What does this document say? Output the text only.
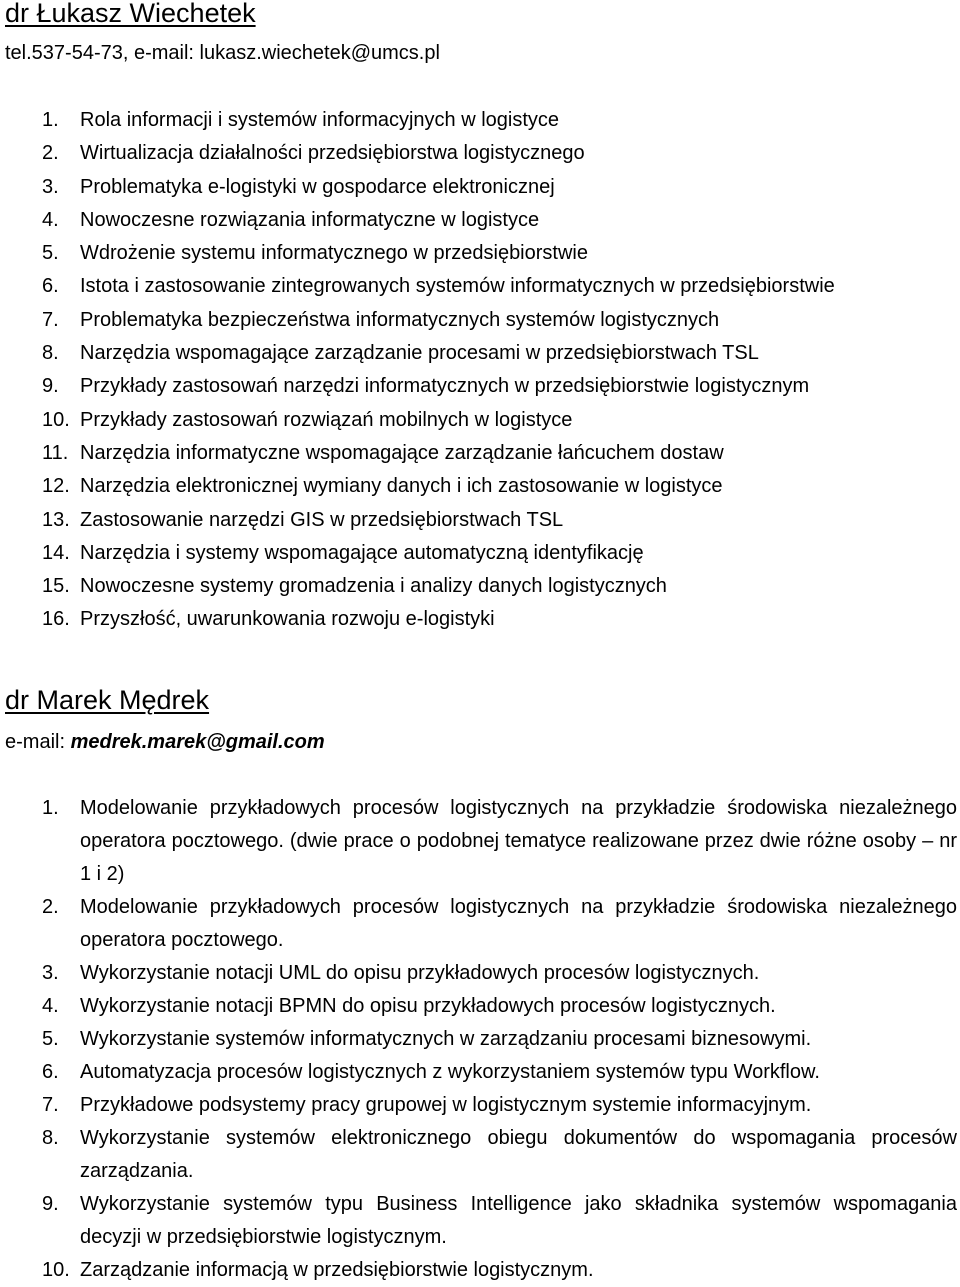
dr Łukasz Wiechetek
tel.537-54-73, e-mail: lukasz.wiechetek@umcs.pl
1. Rola informacji i systemów informacyjnych w logistyce
2. Wirtualizacja działalności przedsiębiorstwa logistycznego
3. Problematyka e-logistyki w gospodarce elektronicznej
4. Nowoczesne rozwiązania informatyczne w logistyce
5. Wdrożenie systemu informatycznego w przedsiębiorstwie
6. Istota i zastosowanie zintegrowanych systemów informatycznych w przedsiębiorstwie
7. Problematyka bezpieczeństwa informatycznych systemów logistycznych
8. Narzędzia wspomagające zarządzanie procesami w przedsiębiorstwach TSL
9. Przykłady zastosowań narzędzi informatycznych w przedsiębiorstwie logistycznym
10. Przykłady zastosowań rozwiązań mobilnych w logistyce
11. Narzędzia informatyczne wspomagające zarządzanie łańcuchem dostaw
12. Narzędzia elektronicznej wymiany danych i ich zastosowanie w logistyce
13. Zastosowanie narzędzi GIS w przedsiębiorstwach TSL
14. Narzędzia i systemy wspomagające automatyczną identyfikację
15. Nowoczesne systemy gromadzenia i analizy danych logistycznych
16. Przyszłość, uwarunkowania rozwoju e-logistyki
dr Marek Mędrek
e-mail: medrek.marek@gmail.com
1. Modelowanie przykładowych procesów logistycznych na przykładzie środowiska niezależnego operatora pocztowego. (dwie prace o podobnej tematyce realizowane przez dwie różne osoby – nr 1 i 2)
2. Modelowanie przykładowych procesów logistycznych na przykładzie środowiska niezależnego operatora pocztowego.
3. Wykorzystanie notacji UML do opisu przykładowych procesów logistycznych.
4. Wykorzystanie notacji BPMN do opisu przykładowych procesów logistycznych.
5. Wykorzystanie systemów informatycznych w zarządzaniu procesami biznesowymi.
6. Automatyzacja procesów logistycznych z wykorzystaniem systemów typu Workflow.
7. Przykładowe podsystemy pracy grupowej w logistycznym systemie informacyjnym.
8. Wykorzystanie systemów elektronicznego obiegu dokumentów do wspomagania procesów zarządzania.
9. Wykorzystanie systemów typu Business Intelligence jako składnika systemów wspomagania decyzji w przedsiębiorstwie logistycznym.
10. Zarządzanie informacją w przedsiębiorstwie logistycznym.
